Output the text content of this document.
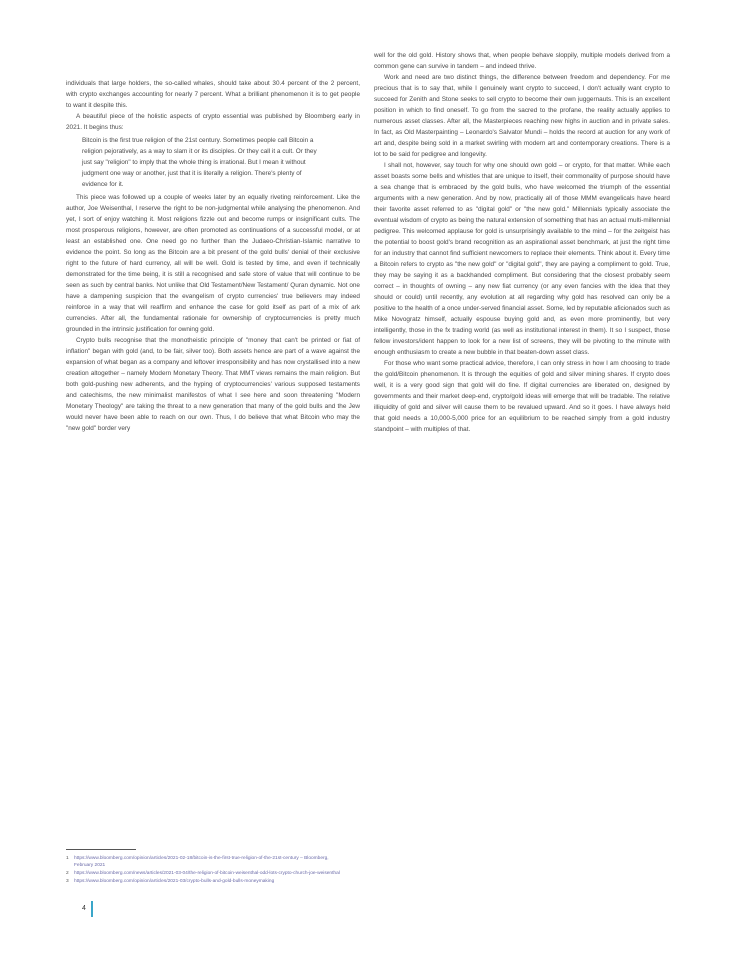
individuals that large holders, the so-called whales, should take about 30.4 percent of the 2 percent, with crypto exchanges accounting for nearly 7 percent. What a brilliant phenomenon it is to get people to want it despite this.

A beautiful piece of the holistic aspects of crypto essential was published by Bloomberg early in 2021. It begins thus:

Bitcoin is the first true religion of the 21st century. Sometimes people call Bitcoin a religion pejoratively, as a way to slam it or its disciples. Or they call it a cult. Or they just say "religion" to imply that the whole thing is irrational. But I mean it without judgment one way or another, just that it is literally a religion. There's plenty of evidence for it.

This piece was followed up a couple of weeks later by an equally riveting reinforcement. Like the author, Joe Weisenthal, I reserve the right to be non-judgmental while analysing the phenomenon. And yet, I sort of enjoy watching it. Most religions fizzle out and become rumps or insignificant cults. The most prosperous religions, however, are often promoted as continuations of a successful model, or at least an established one. One need go no further than the Judaeo-Christian-Islamic narrative to evidence the point. So long as the Bitcoin are a bit present of the gold bulls' denial of their exclusive right to the future of hard currency, all will be well. Gold is tested by time, and even if technically demonstrated for the time being, it is still a recognised and safe store of value that will continue to be seen as such by central banks. Not unlike that Old Testament/New Testament/ Quran dynamic. Not one have a dampening suspicion that the evangelism of crypto currencies' true believers may indeed reinforce in a way that will reaffirm and enhance the case for gold itself as part of a mix of ark currencies. After all, the fundamental rationale for ownership of cryptocurrencies is pretty much grounded in the intrinsic justification for owning gold.

Crypto bulls recognise that the monotheistic principle of "money that can't be printed or fiat of inflation" began with gold (and, to be fair, silver too). Both assets hence are part of a wave against the expansion of what began as a company and leftover irresponsibility and has now crystallised into a new creation altogether – namely Modern Monetary Theory. That MMT views remains the main religion. But both gold-pushing new adherents, and the hyping of cryptocurrencies' various supposed testaments and catechisms, the new minimalist manifestos of what I see here and soon threatening "Modern Monetary Theology" are taking the threat to a new generation that many of the gold bulls and the Jew would never have been able to reach on our own. Thus, I do believe that what Bitcoin who may the "new gold" border very

well for the old gold. History shows that, when people behave sloppily, multiple models derived from a common gene can survive in tandem – and indeed thrive.

Work and need are two distinct things, the difference between freedom and dependency. For me precious that is to say that, while I genuinely want crypto to succeed, I don't actually want crypto to succeed for Zenith and Stone seeks to sell crypto to become their own juggernauts. This is an excellent position in which to find oneself. To go from the sacred to the profane, the reality actually applies to numerous asset classes. After all, the Masterpieces reaching new highs in auction and in private sales. In fact, as Old Masterpainting – Leonardo's Salvator Mundi – holds the record at auction for any work of art and, despite being sold in a market swirling with modern art and contemporary creations. There is a lot to be said for pedigree and longevity.

I shall not, however, say touch for why one should own gold – or crypto, for that matter. While each asset boasts some bells and whistles that are unique to itself, their commonality of purpose should have a sea change that is embraced by the gold bulls, who have welcomed the triumph of the essential arguments with a new generation. And by now, practically all of those MMM evangelicals have heard their favorite asset referred to as "digital gold" or "the new gold." Millennials typically associate the eventual wisdom of crypto as being the natural extension of something that has an actual multi-millennial pedigree. This welcomed applause for gold is unsurprisingly available to the mind – for the zeitgeist has the potential to boost gold's brand recognition as an aspirational asset benchmark, at just the right time for an industry that cannot find sufficient newcomers to replace their elements. Think about it. Every time a Bitcoin refers to crypto as "the new gold" or "digital gold", they are paying a compliment to gold. True, they may be saying it as a backhanded compliment. But considering that the closest probably seem correct – in thoughts of owning – any new fiat currency (or any even fancies with the idea that they should or could) until recently, any evolution at all regarding why gold has resolved can only be a positive to the health of a once under-served financial asset. Some, led by reputable aficionados such as Mike Novogratz himself, actually espouse buying gold and, as even more prominently, but very intelligently, those in the fx trading world (as well as institutional interest in them). It so I suspect, those fellow investors/ident happen to look for a new list of screens, they will be pivoting to the minute with enough enthusiasm to create a new bubble in that beaten-down asset class.

For those who want some practical advice, therefore, I can only stress in how I am choosing to trade the gold/Bitcoin phenomenon. It is through the equities of gold and silver mining shares. If crypto does well, it is a very good sign that gold will do fine. If digital currencies are liberated on, designed by governments and their market deep-end, crypto/gold ideas will emerge that will be tradable. The relative illiquidity of gold and silver will cause them to be revalued upward. And so it goes. I have always held that gold needs a 10,000-5,000 price for an equilibrium to be reached simply from a gold industry standpoint – with multiples of that.

1	https://www.bloomberg.com/opinion/articles/2021-02-18/bitcoin-is-the-first-true-religion-of-the-21st-century – Bloomberg, February 2021
2	https://www.bloomberg.com/news/articles/2021-03-04/the-religion-of-bitcoin-weisenthal-odd-lots-crypto-church-joe-weisenthal
3	https://www.bloomberg.com/opinion/articles/2021-03/crypto-bulls-and-gold-bulls-moneymaking
4
